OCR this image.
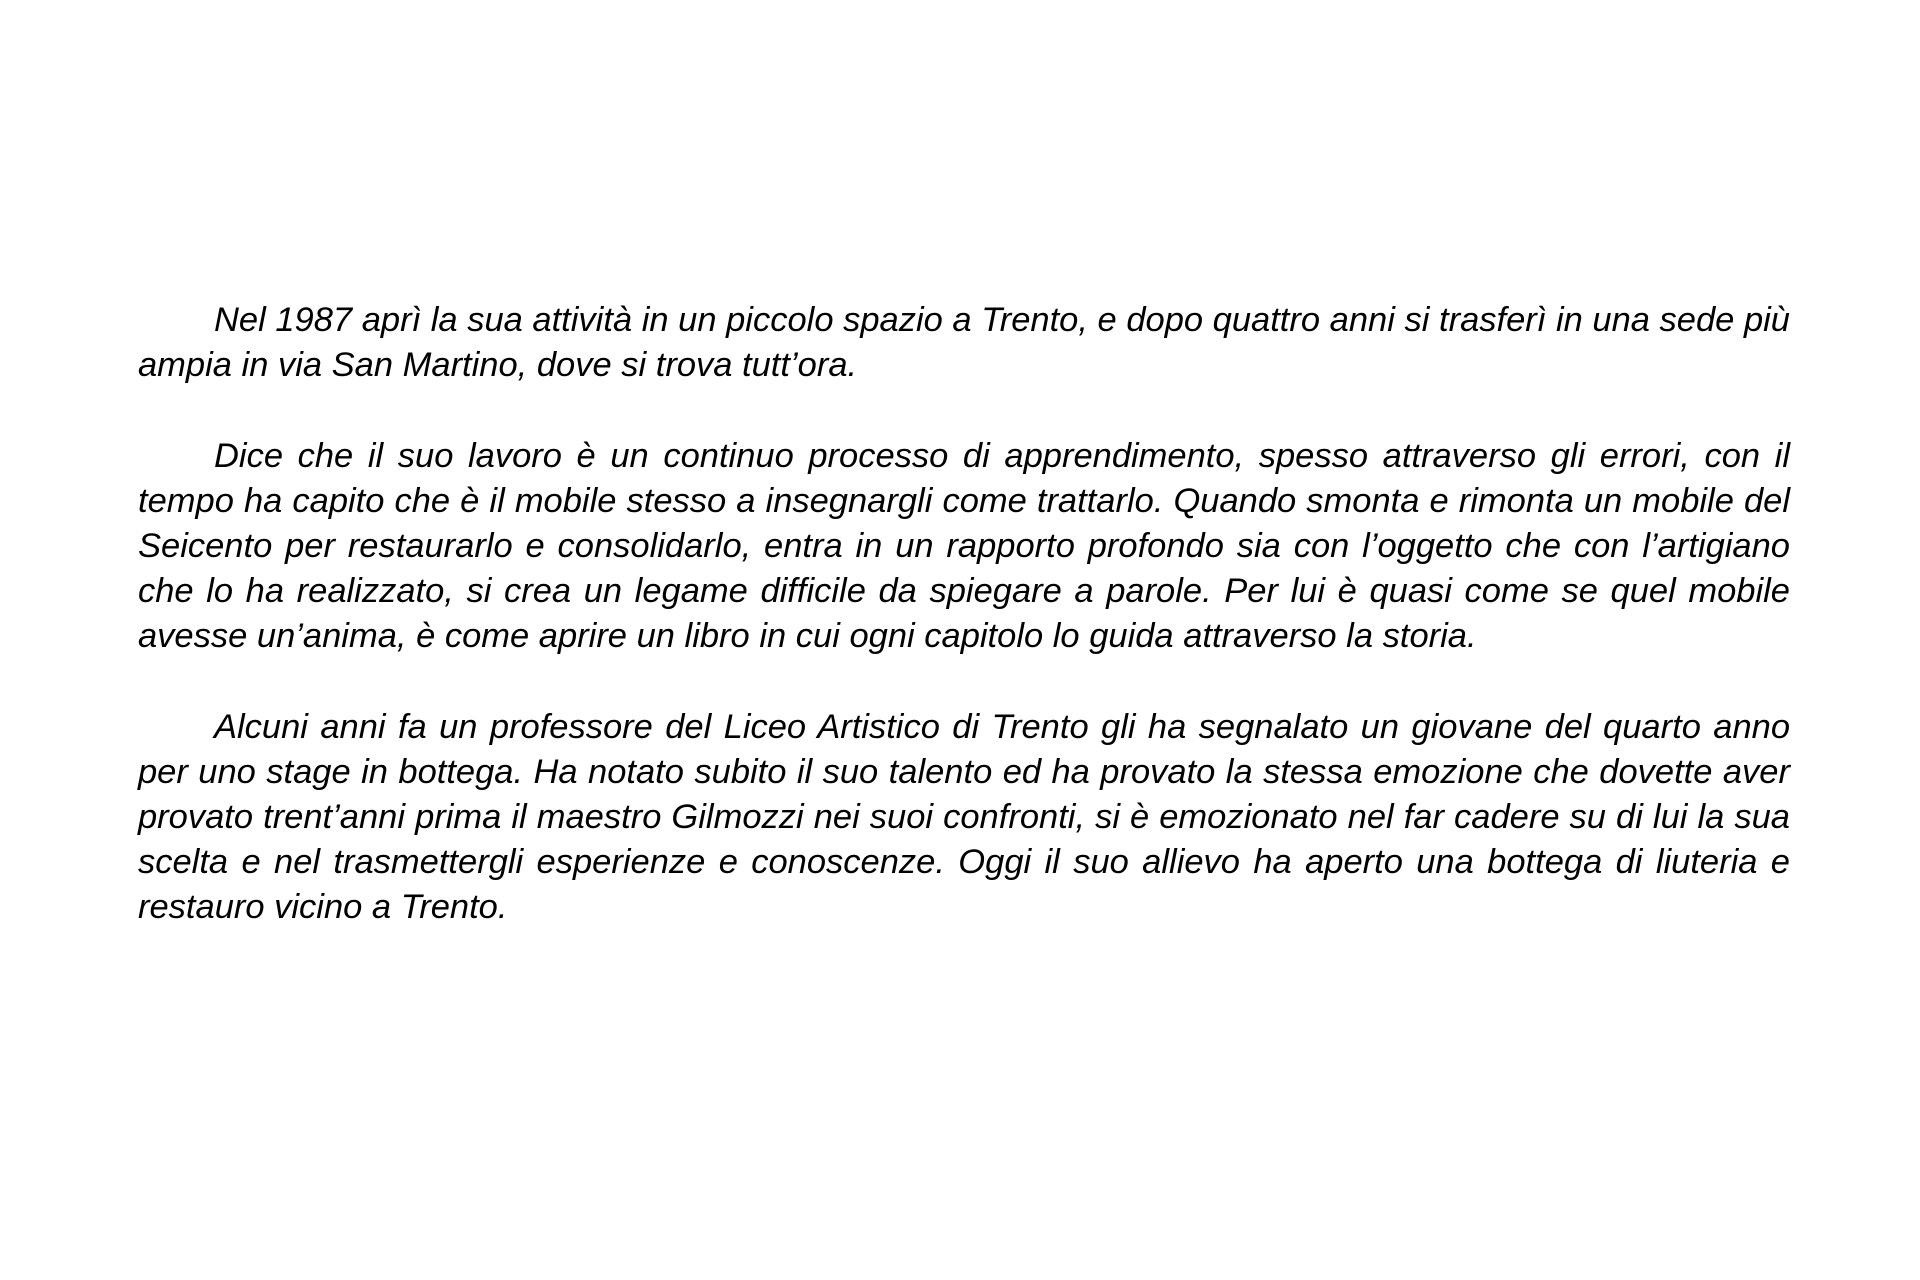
Nel 1987 aprì la sua attività in un piccolo spazio a Trento, e dopo quattro anni si trasferì in una sede più ampia in via San Martino, dove si trova tutt’ora.

Dice che il suo lavoro è un continuo processo di apprendimento, spesso attraverso gli errori, con il tempo ha capito che è il mobile stesso a insegnargli come trattarlo. Quando smonta e rimonta un mobile del Seicento per restaurarlo e consolidarlo, entra in un rapporto profondo sia con l’oggetto che con l’artigiano che lo ha realizzato, si crea un legame difficile da spiegare a parole. Per lui è quasi come se quel mobile avesse un’anima, è come aprire un libro in cui ogni capitolo lo guida attraverso la storia.

Alcuni anni fa un professore del Liceo Artistico di Trento gli ha segnalato un giovane del quarto anno per uno stage in bottega. Ha notato subito il suo talento ed ha provato la stessa emozione che dovette aver provato trent’anni prima il maestro Gilmozzi nei suoi confronti, si è emozionato nel far cadere su di lui la sua scelta e nel trasmettergli esperienze e conoscenze. Oggi il suo allievo ha aperto una bottega di liuteria e restauro vicino a Trento.
